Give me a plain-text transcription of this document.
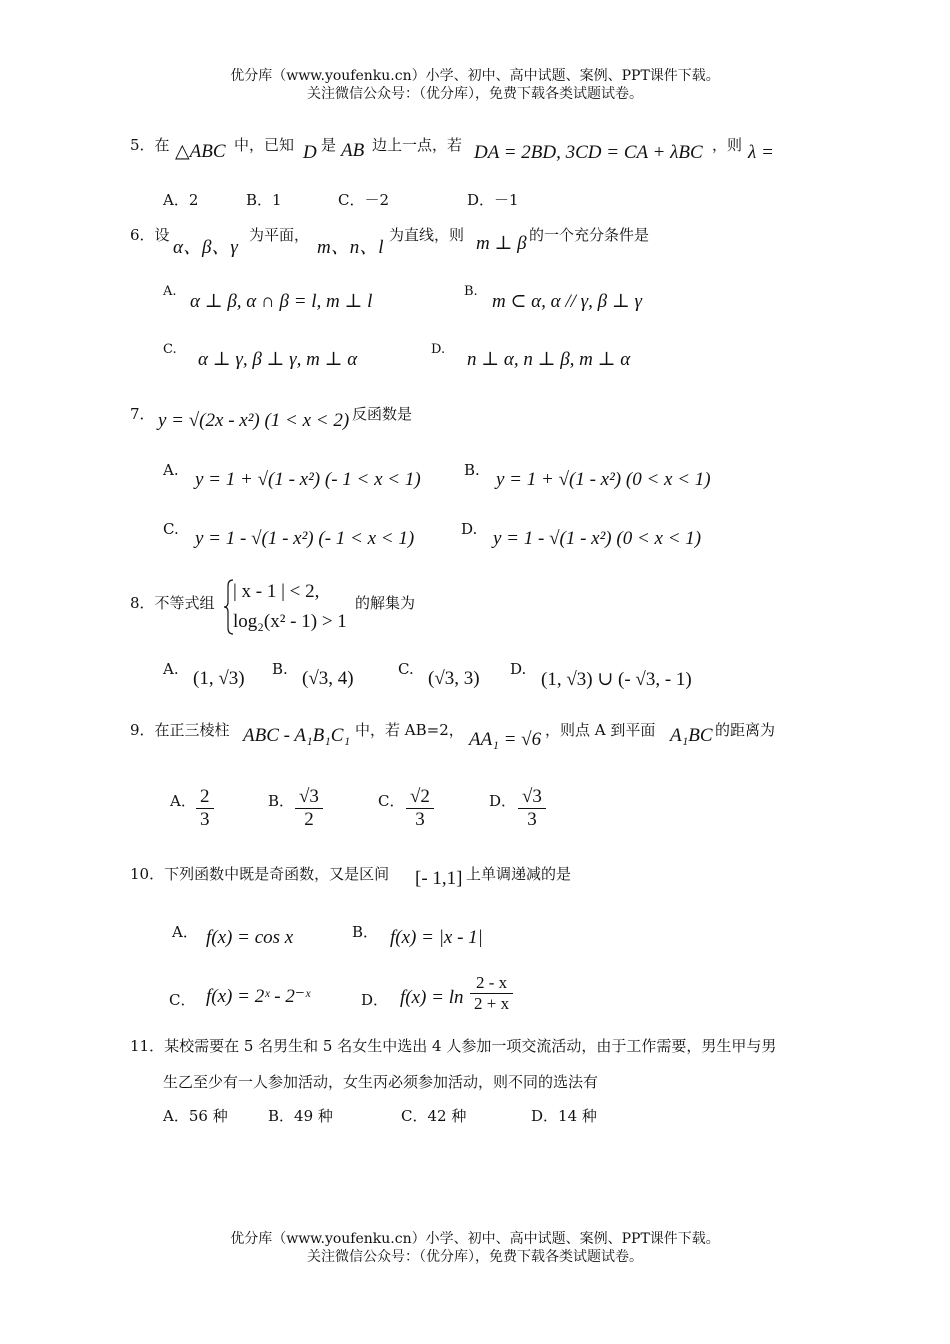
优分库（www.youfenku.cn）小学、初中、高中试题、案例、PPT课件下载。
关注微信公众号：（优分库），免费下载各类试题试卷。
5．在 △ABC 中，已知 D 是 AB 边上一点，若 DA = 2BD, 3CD = CA + λBC ，则 λ =
A．2	B．1	C．－2	D．－1
6．设
α、β、γ
为平面，
m、n、l
为直线，则 m ⊥ β 的一个充分条件是
A. α ⊥ β, α ∩ β = l, m ⊥ l	B. m ⊂ α, α // γ, β ⊥ γ
C. α ⊥ γ, β ⊥ γ, m ⊥ α	D. n ⊥ α, n ⊥ β, m ⊥ α
7． y = √(2x - x²) (1 < x < 2) 反函数是
A. y = 1 + √(1 - x²) (- 1 < x < 1)	B. y = 1 + √(1 - x²) (0 < x < 1)
C. y = 1 - √(1 - x²) (- 1 < x < 1)	D. y = 1 - √(1 - x²) (0 < x < 1)
8．不等式组
| x - 1 | < 2,
log₂(x² - 1) > 1
的解集为
A. (1, √3) B. (√3, 4)	C. (√3, 3) D. (1, √3) ∪ (- √3, - 1)
9．在正三棱柱 ABC - A₁B₁C₁ 中，若 AB=2， AA₁ = √6 ，则点 A 到平面 A₁BC 的距离为
A． $\frac{2}{3}$	B． $\frac{√3}{2}$	C． $\frac{√2}{3}$	D． $\frac{√3}{3}$
10．下列函数中既是奇函数，又是区间 [- 1,1] 上单调递减的是
A． f(x) = cos x	B． f(x) = |x - 1|
C． f(x) = 2ˣ - 2⁻ˣ	D． $f(x) = \ln \frac{2 - x}{2 + x}$
11．某校需要在 5 名男生和 5 名女生中选出 4 人参加一项交流活动，由于工作需要，男生甲与男
生乙至少有一人参加活动，女生丙必须参加活动，则不同的选法有
A．56 种	B．49 种	C．42 种	D．14 种
优分库（www.youfenku.cn）小学、初中、高中试题、案例、PPT课件下载。
关注微信公众号：（优分库），免费下载各类试题试卷。
